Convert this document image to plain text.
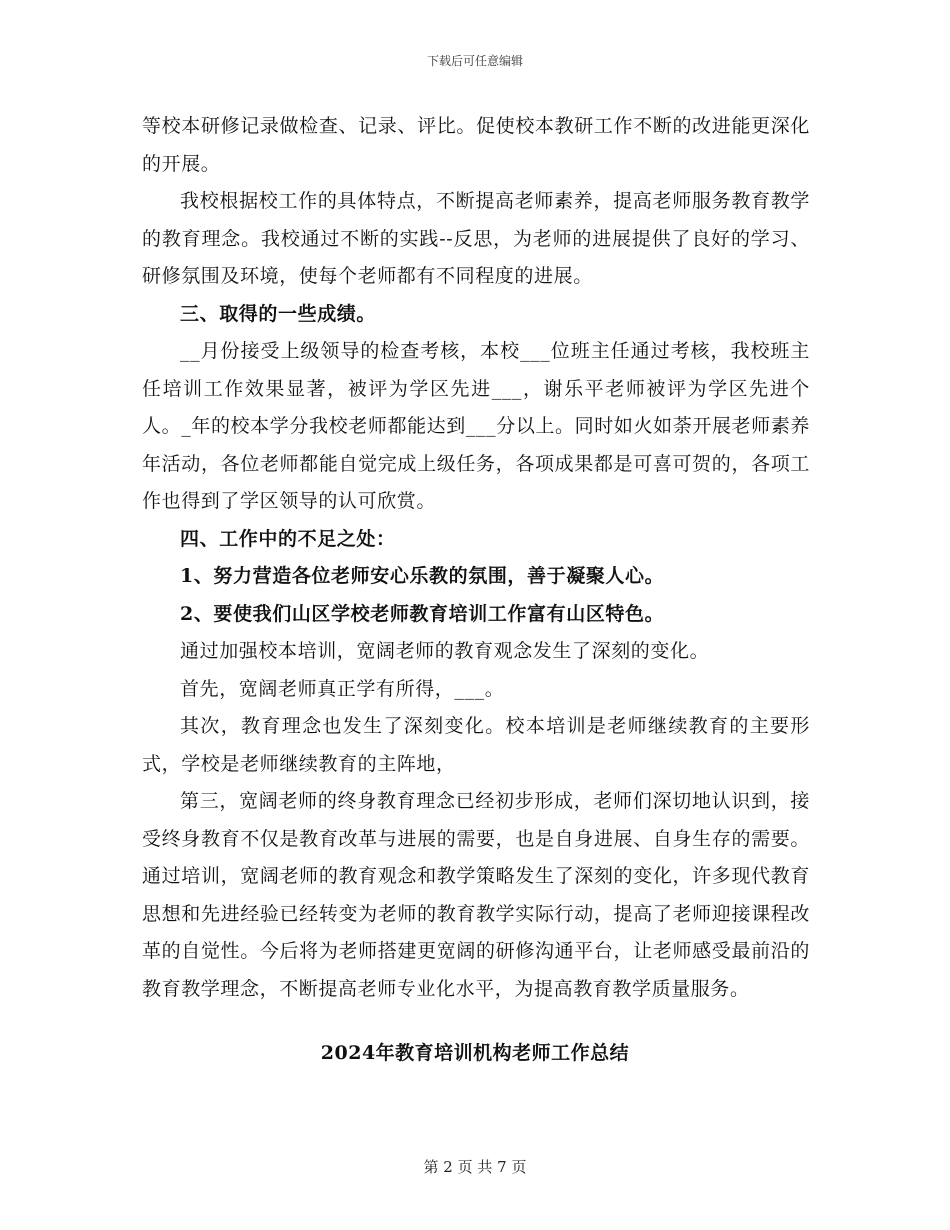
下载后可任意编辑

等校本研修记录做检查、记录、评比。促使校本教研工作不断的改进能更深化的开展。

我校根据校工作的具体特点，不断提高老师素养，提高老师服务教育教学的教育理念。我校通过不断的实践--反思，为老师的进展提供了良好的学习、研修氛围及环境，使每个老师都有不同程度的进展。

三、取得的一些成绩。

__月份接受上级领导的检查考核，本校___位班主任通过考核，我校班主任培训工作效果显著，被评为学区先进___，谢乐平老师被评为学区先进个人。_年的校本学分我校老师都能达到___分以上。同时如火如荼开展老师素养年活动，各位老师都能自觉完成上级任务，各项成果都是可喜可贺的，各项工作也得到了学区领导的认可欣赏。

四、工作中的不足之处：

1、努力营造各位老师安心乐教的氛围，善于凝聚人心。

2、要使我们山区学校老师教育培训工作富有山区特色。

通过加强校本培训，宽阔老师的教育观念发生了深刻的变化。

首先，宽阔老师真正学有所得，___。

其次，教育理念也发生了深刻变化。校本培训是老师继续教育的主要形式，学校是老师继续教育的主阵地，

第三，宽阔老师的终身教育理念已经初步形成，老师们深切地认识到，接受终身教育不仅是教育改革与进展的需要，也是自身进展、自身生存的需要。通过培训，宽阔老师的教育观念和教学策略发生了深刻的变化，许多现代教育思想和先进经验已经转变为老师的教育教学实际行动，提高了老师迎接课程改革的自觉性。今后将为老师搭建更宽阔的研修沟通平台，让老师感受最前沿的教育教学理念，不断提高老师专业化水平，为提高教育教学质量服务。

2024年教育培训机构老师工作总结
第 2 页 共 7 页
